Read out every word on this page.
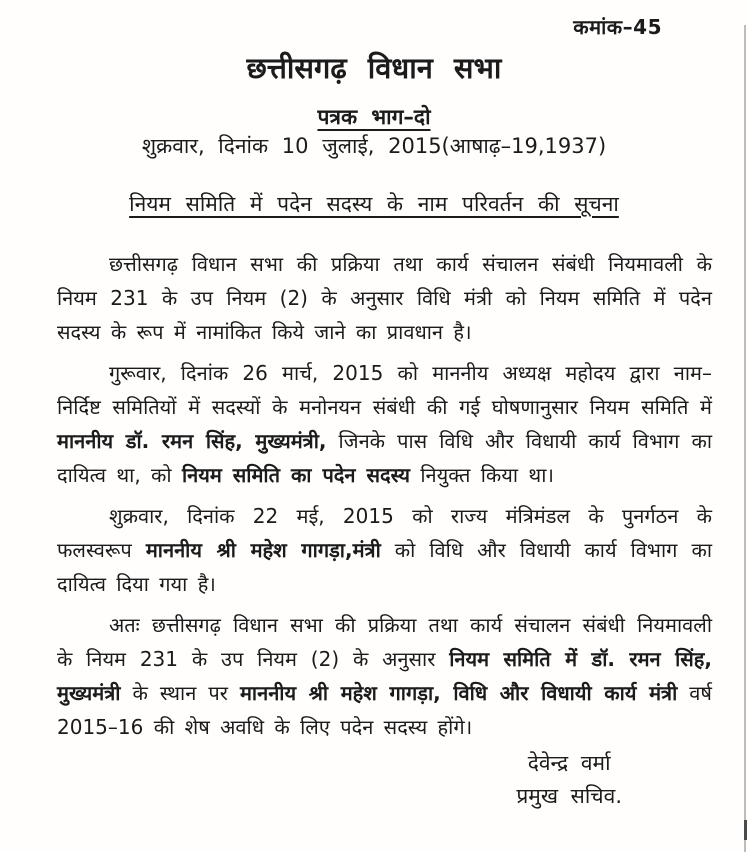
कमांक–45
छत्तीसगढ़ विधान सभा
पत्रक भाग–दो
शुक्रवार, दिनांक 10 जुलाई, 2015(आषाढ़–19,1937)
नियम समिति में पदेन सदस्य के नाम परिवर्तन की सूचना
छत्तीसगढ़ विधान सभा की प्रक्रिया तथा कार्य संचालन संबंधी नियमावली के नियम 231 के उप नियम (2) के अनुसार विधि मंत्री को नियम समिति में पदेन सदस्य के रूप में नामांकित किये जाने का प्रावधान है।
गुरूवार, दिनांक 26 मार्च, 2015 को माननीय अध्यक्ष महोदय द्वारा नाम–निर्दिष्ट समितियों में सदस्यों के मनोनयन संबंधी की गई घोषणानुसार नियम समिति में माननीय डॉ. रमन सिंह, मुख्यमंत्री, जिनके पास विधि और विधायी कार्य विभाग का दायित्व था, को नियम समिति का पदेन सदस्य नियुक्त किया था।
शुक्रवार, दिनांक 22 मई, 2015 को राज्य मंत्रिमंडल के पुनर्गठन के फलस्वरूप माननीय श्री महेश गागड़ा,मंत्री को विधि और विधायी कार्य विभाग का दायित्व दिया गया है।
अतः छत्तीसगढ़ विधान सभा की प्रक्रिया तथा कार्य संचालन संबंधी नियमावली के नियम 231 के उप नियम (2) के अनुसार नियम समिति में डॉ. रमन सिंह, मुख्यमंत्री के स्थान पर माननीय श्री महेश गागड़ा, विधि और विधायी कार्य मंत्री वर्ष 2015–16 की शेष अवधि के लिए पदेन सदस्य होंगे।
देवेन्द्र वर्मा
प्रमुख सचिव.
